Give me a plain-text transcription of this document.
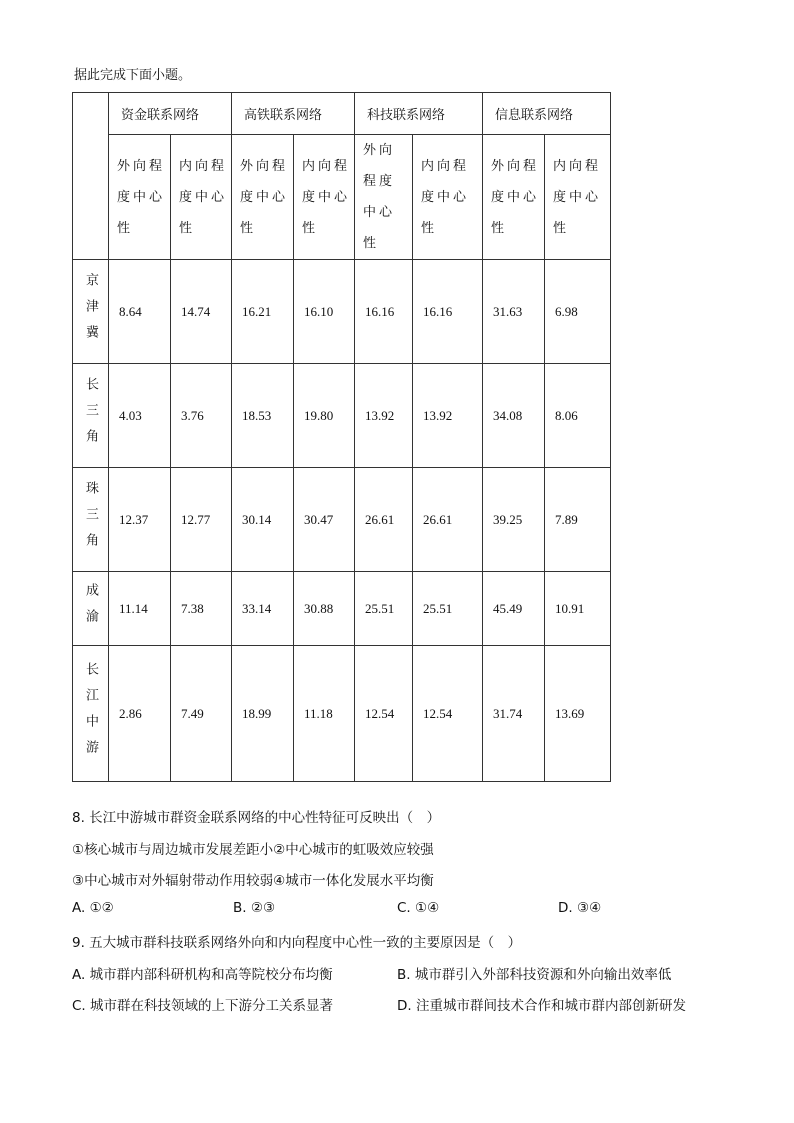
据此完成下面小题。
	资金联系网络		高铁联系网络		科技联系网络		信息联系网络	
	外向程度中心性	内向程度中心性	外向程度中心性	内向程度中心性	外向程度中心性	内向程度中心性	外向程度中心性	内向程度中心性

京津冀	8.64	14.74	16.21	16.10	16.16	16.16	31.63	6.98

长三角	4.03	3.76	18.53	19.80	13.92	13.92	34.08	8.06

珠三角	12.37	12.77	30.14	30.47	26.61	26.61	39.25	7.89

成渝	11.14	7.38	33.14	30.88	25.51	25.51	45.49	10.91

长江中游	2.86	7.49	18.99	11.18	12.54	12.54	31.74	13.69
8. 长江中游城市群资金联系网络的中心性特征可反映出（　）
①核心城市与周边城市发展差距小②中心城市的虹吸效应较强
③中心城市对外辐射带动作用较弱④城市一体化发展水平均衡
A. ①②	B. ②③	C. ①④	D. ③④
9. 五大城市群科技联系网络外向和内向程度中心性一致的主要原因是（　）
A. 城市群内部科研机构和高等院校分布均衡	B. 城市群引入外部科技资源和外向输出效率低
C. 城市群在科技领域的上下游分工关系显著	D. 注重城市群间技术合作和城市群内部创新研发
